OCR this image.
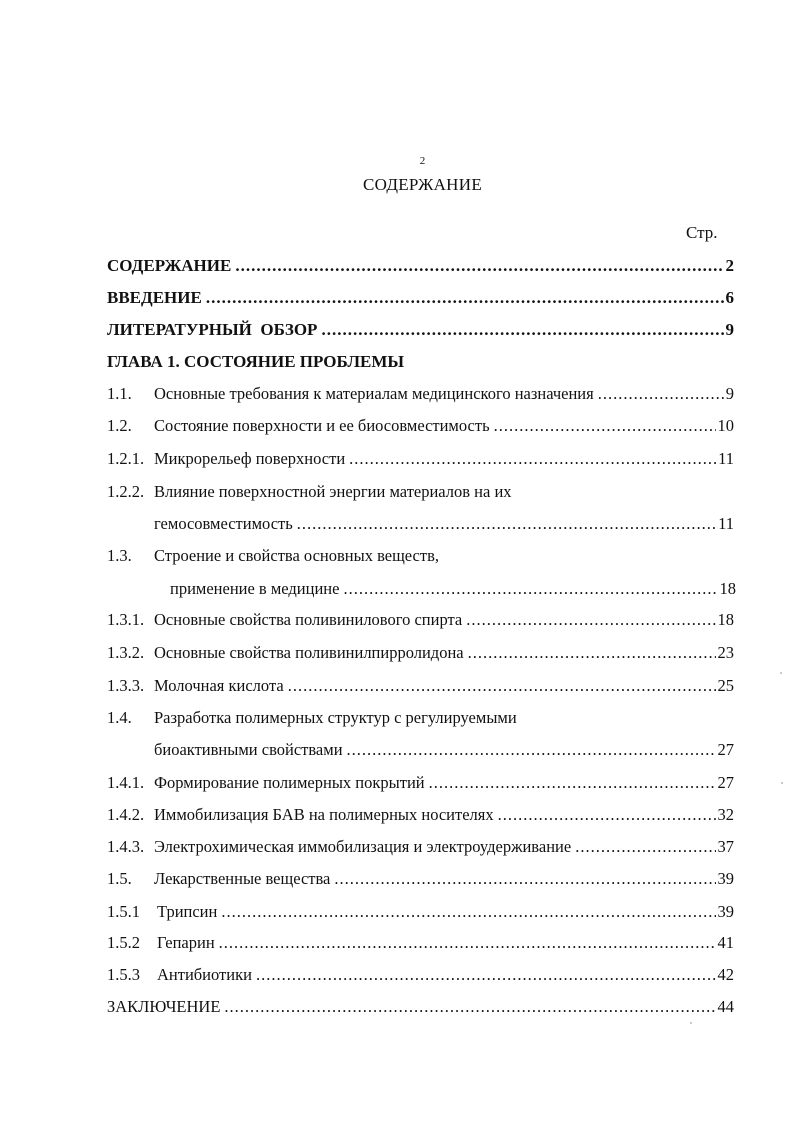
2
СОДЕРЖАНИЕ
Стр.
СОДЕРЖАНИЕ .....	2
ВВЕДЕНИЕ .....	6
ЛИТЕРАТУРНЫЙ  ОБЗОР .....	9
ГЛАВА 1. СОСТОЯНИЕ ПРОБЛЕМЫ
1.1.	Основные требования к материалам медицинского назначения .....	9
1.2.	Состояние поверхности и ее биосовместимость .....	10
1.2.1. Микрорельеф поверхности .....	11
1.2.2. Влияние поверхностной энергии материалов на их
гемосовместимость .....	11
1.3.	Строение и свойства основных веществ,
применение в медицине .....	18
1.3.1. Основные свойства поливинилового спирта .....	18
1.3.2. Основные свойства поливинилпирролидона .....	23
1.3.3. Молочная кислота .....	25
1.4.	Разработка полимерных структур с регулируемыми
биоактивными свойствами .....	27
1.4.1. Формирование полимерных покрытий .....	27
1.4.2. Иммобилизация БАВ на полимерных носителях .....	32
1.4.3. Электрохимическая иммобилизация и электроудерживание .....	37
1.5.	Лекарственные вещества .....	39
1.5.1	Трипсин .....	39
1.5.2	Гепарин .....	41
1.5.3	Антибиотики .....	42
ЗАКЛЮЧЕНИЕ .....	44
